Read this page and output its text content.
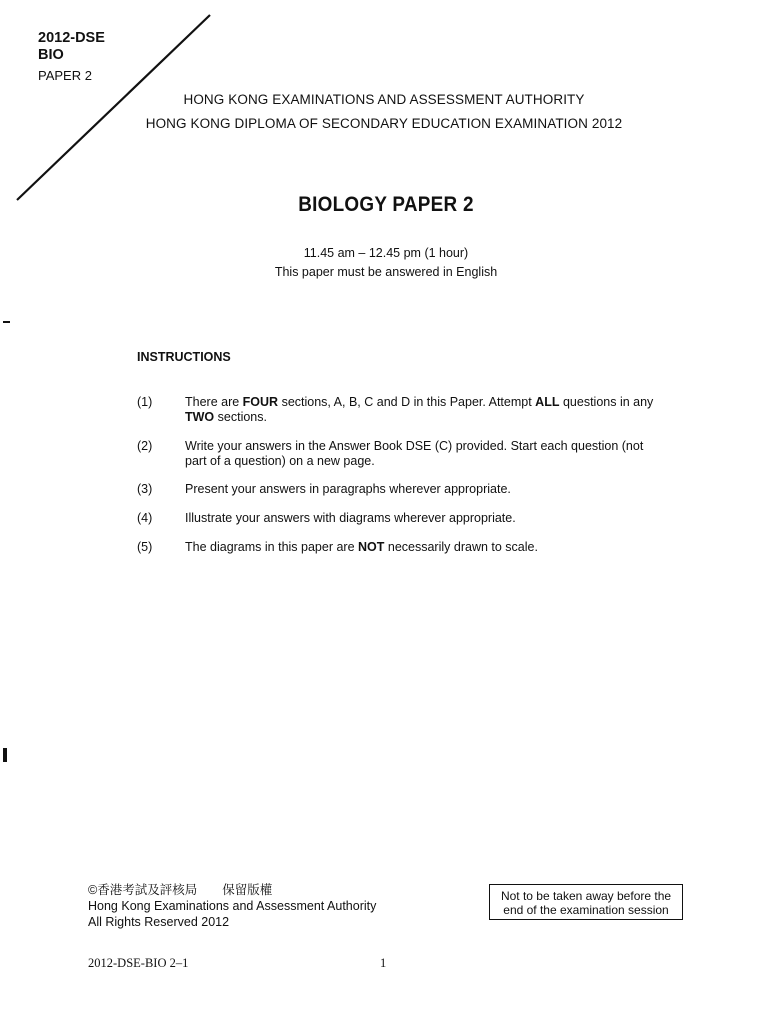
2012-DSE
BIO
PAPER 2
HONG KONG EXAMINATIONS AND ASSESSMENT AUTHORITY
HONG KONG DIPLOMA OF SECONDARY EDUCATION EXAMINATION 2012
BIOLOGY PAPER 2
11.45 am – 12.45 pm (1 hour)
This paper must be answered in English
INSTRUCTIONS
(1)	There are FOUR sections, A, B, C and D in this Paper. Attempt ALL questions in any TWO sections.
(2)	Write your answers in the Answer Book DSE (C) provided. Start each question (not part of a question) on a new page.
(3)	Present your answers in paragraphs wherever appropriate.
(4)	Illustrate your answers with diagrams wherever appropriate.
(5)	The diagrams in this paper are NOT necessarily drawn to scale.
©香港考試及評核局　　保留版權
Hong Kong Examinations and Assessment Authority
All Rights Reserved 2012
Not to be taken away before the end of the examination session
2012-DSE-BIO 2–1	1
